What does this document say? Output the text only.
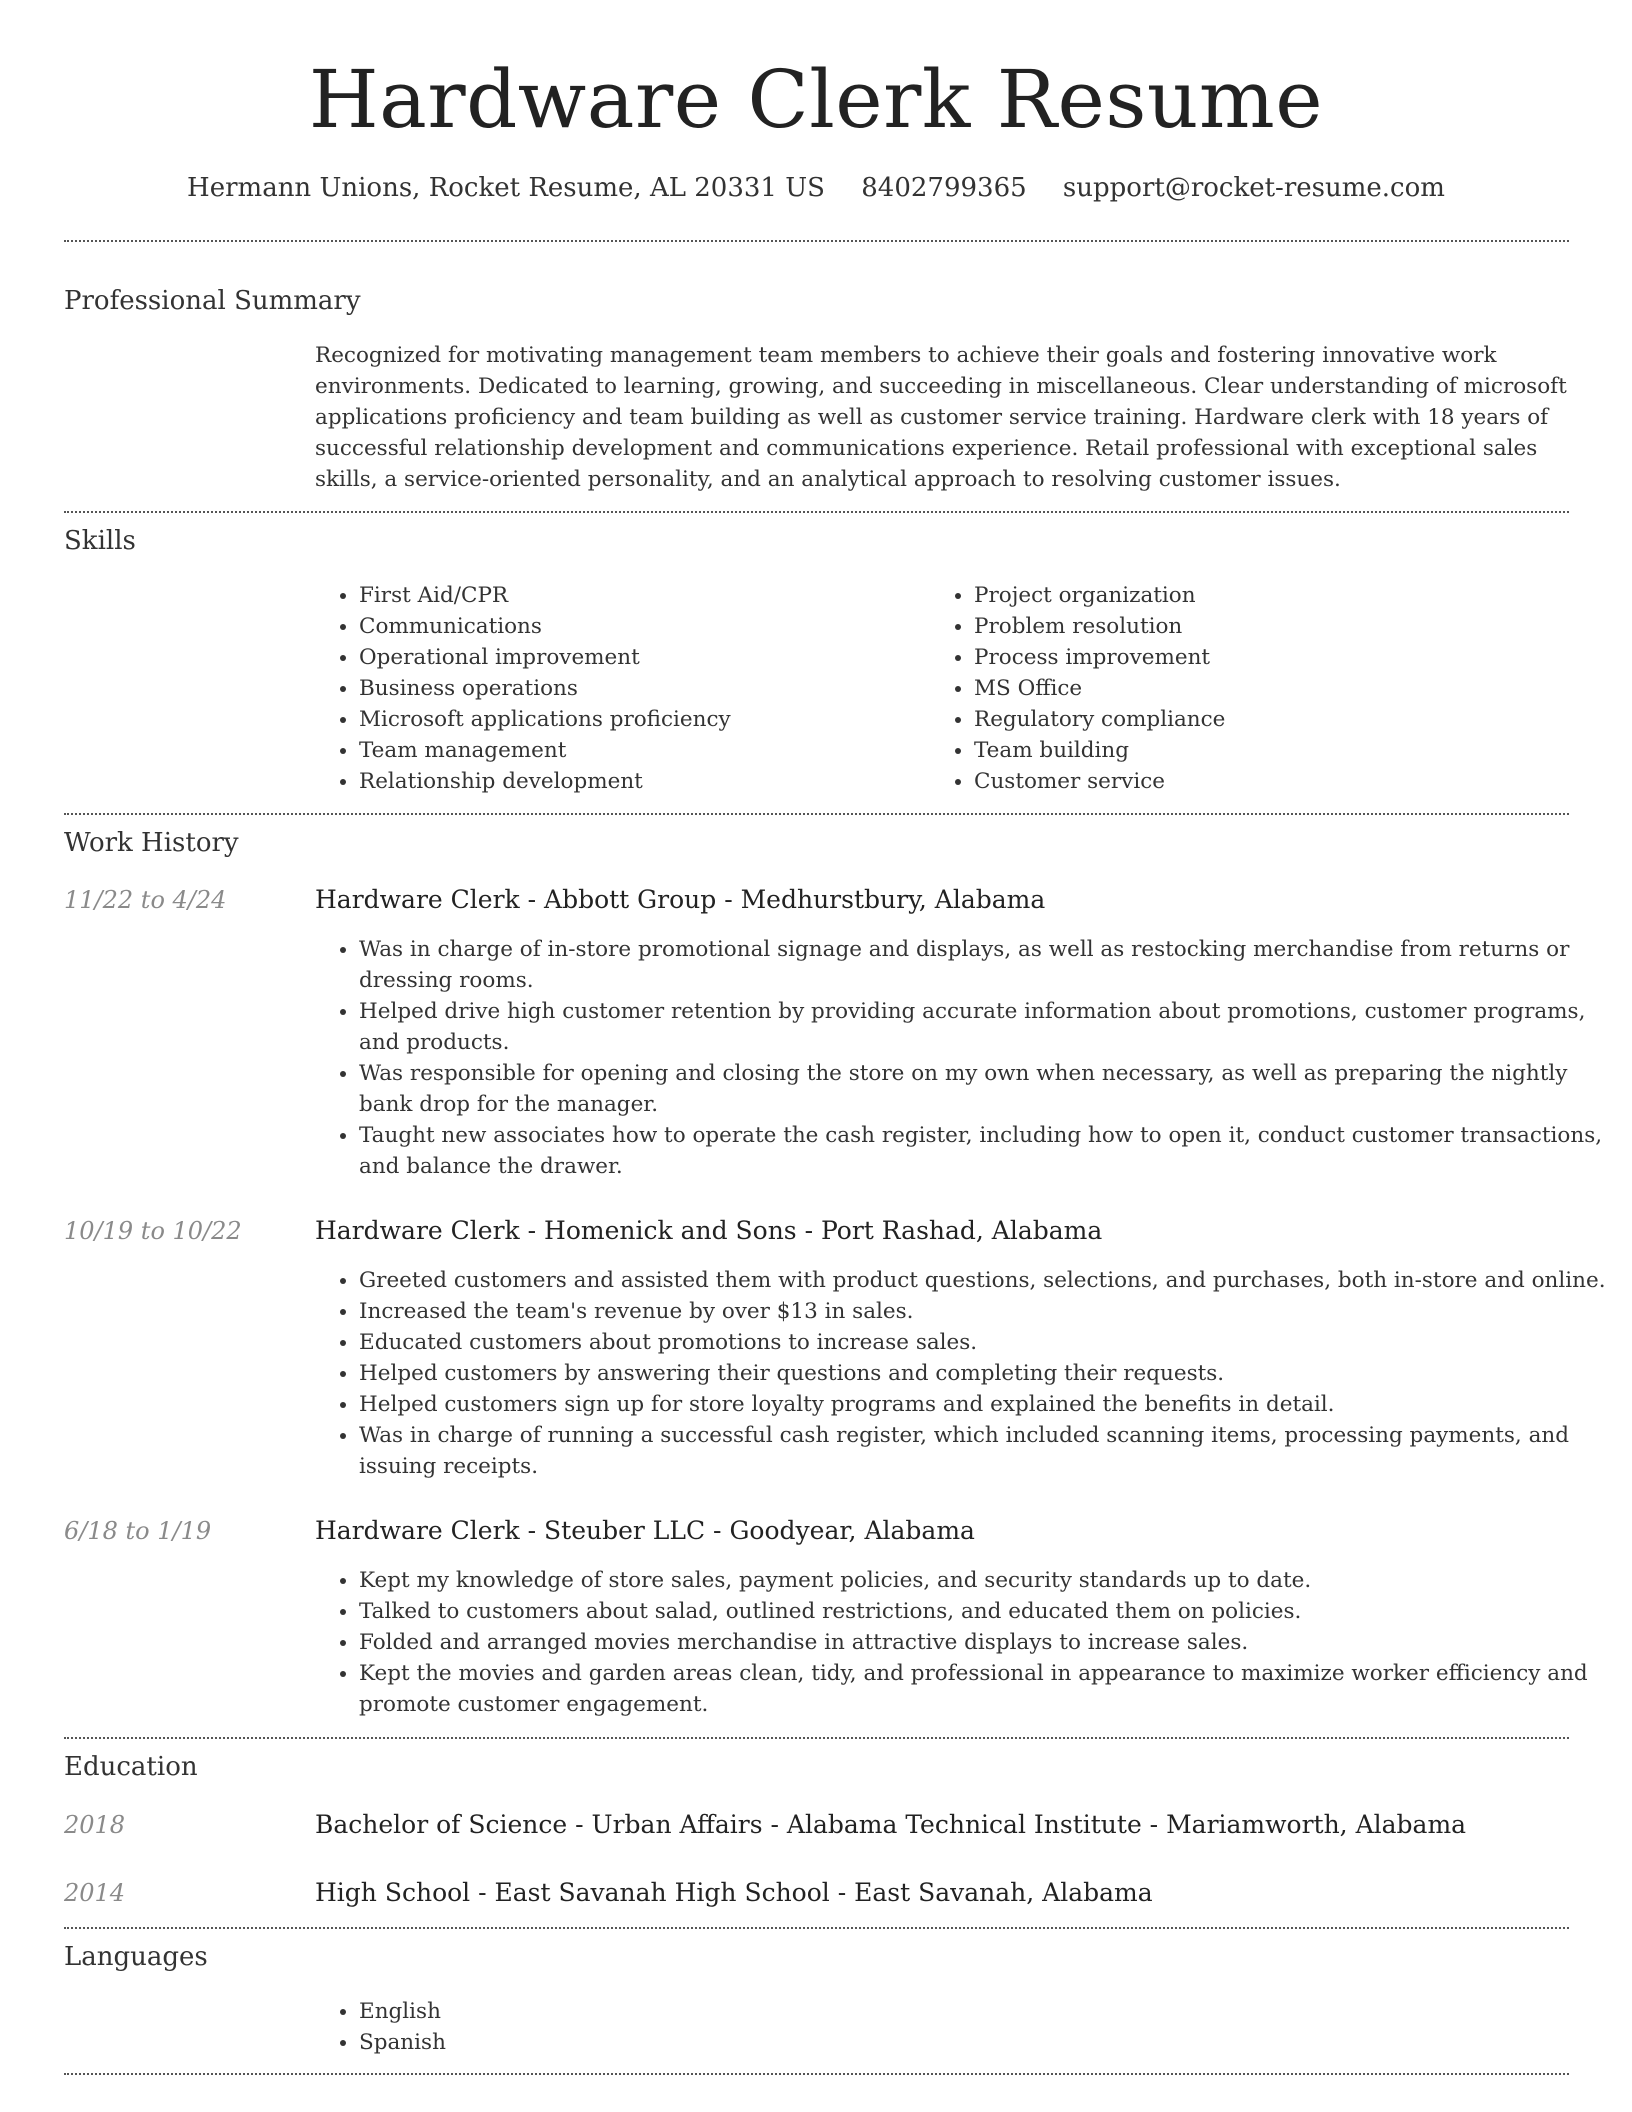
Hardware Clerk Resume
Hermann Unions, Rocket Resume, AL 20331 US 8402799365 support@rocket-resume.com
Professional Summary
Recognized for motivating management team members to achieve their goals and fostering innovative work environments. Dedicated to learning, growing, and succeeding in miscellaneous. Clear understanding of microsoft applications proficiency and team building as well as customer service training. Hardware clerk with 18 years of successful relationship development and communications experience. Retail professional with exceptional sales skills, a service-oriented personality, and an analytical approach to resolving customer issues.
Skills
• First Aid/CPR
• Communications
• Operational improvement
• Business operations
• Microsoft applications proficiency
• Team management
• Relationship development
• Project organization
• Problem resolution
• Process improvement
• MS Office
• Regulatory compliance
• Team building
• Customer service
Work History
11/22 to 4/24	Hardware Clerk - Abbott Group - Medhurstbury, Alabama
• Was in charge of in-store promotional signage and displays, as well as restocking merchandise from returns or dressing rooms.
• Helped drive high customer retention by providing accurate information about promotions, customer programs, and products.
• Was responsible for opening and closing the store on my own when necessary, as well as preparing the nightly bank drop for the manager.
• Taught new associates how to operate the cash register, including how to open it, conduct customer transactions, and balance the drawer.
10/19 to 10/22	Hardware Clerk - Homenick and Sons - Port Rashad, Alabama
• Greeted customers and assisted them with product questions, selections, and purchases, both in-store and online.
• Increased the team's revenue by over $13 in sales.
• Educated customers about promotions to increase sales.
• Helped customers by answering their questions and completing their requests.
• Helped customers sign up for store loyalty programs and explained the benefits in detail.
• Was in charge of running a successful cash register, which included scanning items, processing payments, and issuing receipts.
6/18 to 1/19	Hardware Clerk - Steuber LLC - Goodyear, Alabama
• Kept my knowledge of store sales, payment policies, and security standards up to date.
• Talked to customers about salad, outlined restrictions, and educated them on policies.
• Folded and arranged movies merchandise in attractive displays to increase sales.
• Kept the movies and garden areas clean, tidy, and professional in appearance to maximize worker efficiency and promote customer engagement.
Education
2018	Bachelor of Science - Urban Affairs - Alabama Technical Institute - Mariamworth, Alabama
2014	High School - East Savanah High School - East Savanah, Alabama
Languages
• English
• Spanish
